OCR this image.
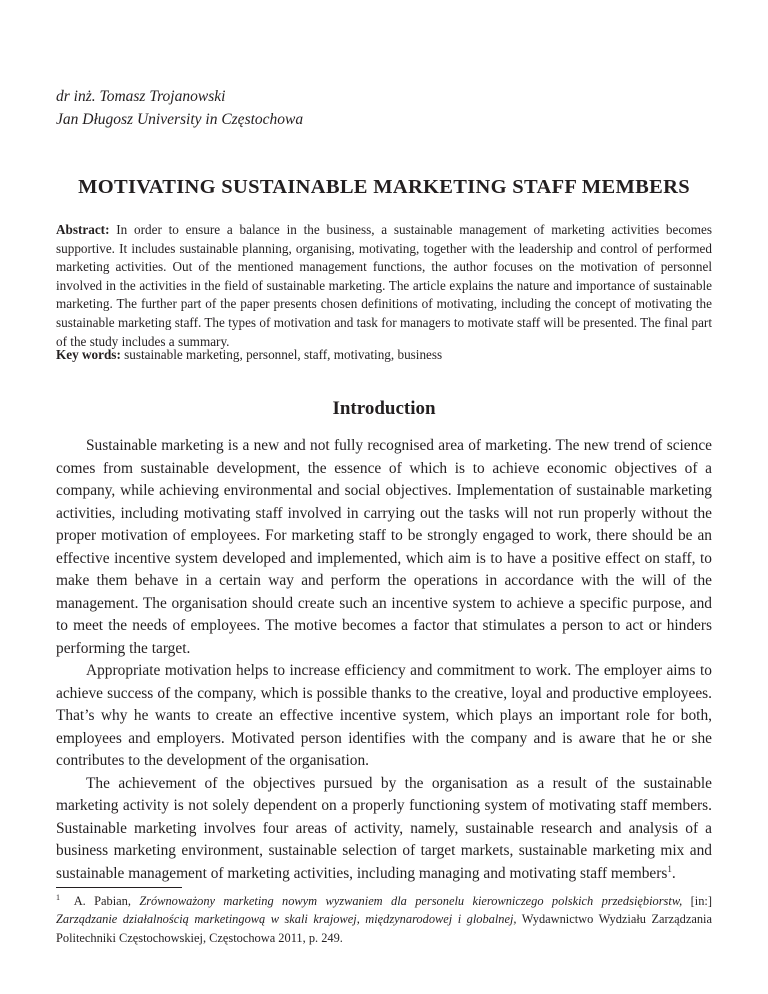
dr inż. Tomasz Trojanowski
Jan Długosz University in Częstochowa
MOTIVATING SUSTAINABLE MARKETING STAFF MEMBERS
Abstract: In order to ensure a balance in the business, a sustainable management of marketing activities becomes supportive. It includes sustainable planning, organising, motivating, together with the leadership and control of performed marketing activities. Out of the mentioned management functions, the author focuses on the motivation of personnel involved in the activities in the field of sustainable marketing. The article explains the nature and importance of sustainable marketing. The further part of the paper presents chosen definitions of motivating, including the concept of motivating the sustainable marketing staff. The types of motivation and task for managers to motivate staff will be presented. The final part of the study includes a summary.
Key words: sustainable marketing, personnel, staff, motivating, business
Introduction

Sustainable marketing is a new and not fully recognised area of marketing. The new trend of science comes from sustainable development, the essence of which is to achieve economic objectives of a company, while achieving environmental and social objectives. Implementation of sustainable marketing activities, including motivating staff involved in carrying out the tasks will not run properly without the proper motivation of employees. For marketing staff to be strongly engaged to work, there should be an effective incentive system developed and implemented, which aim is to have a positive effect on staff, to make them behave in a certain way and perform the operations in accordance with the will of the management. The organisation should create such an incentive system to achieve a specific purpose, and to meet the needs of employees. The motive becomes a factor that stimulates a person to act or hinders performing the target.

Appropriate motivation helps to increase efficiency and commitment to work. The employer aims to achieve success of the company, which is possible thanks to the creative, loyal and productive employees. That’s why he wants to create an effective incentive system, which plays an important role for both, employees and employers. Motivated person identifies with the company and is aware that he or she contributes to the development of the organisation.

The achievement of the objectives pursued by the organisation as a result of the sustainable marketing activity is not solely dependent on a properly functioning system of motivating staff members. Sustainable marketing involves four areas of activity, namely, sustainable research and analysis of a business marketing environment, sustainable selection of target markets, sustainable marketing mix and sustainable management of marketing activities, including managing and motivating staff members$^1$.

$^1$ A. Pabian, Zrównoważony marketing nowym wyzwaniem dla personelu kierowniczego polskich przedsiębiorstw, [in:] Zarządzanie działalnością marketingową w skali krajowej, międzynarodowej i globalnej, Wydawnictwo Wydziału Zarządzania Politechniki Częstochowskiej, Częstochowa 2011, p. 249.
